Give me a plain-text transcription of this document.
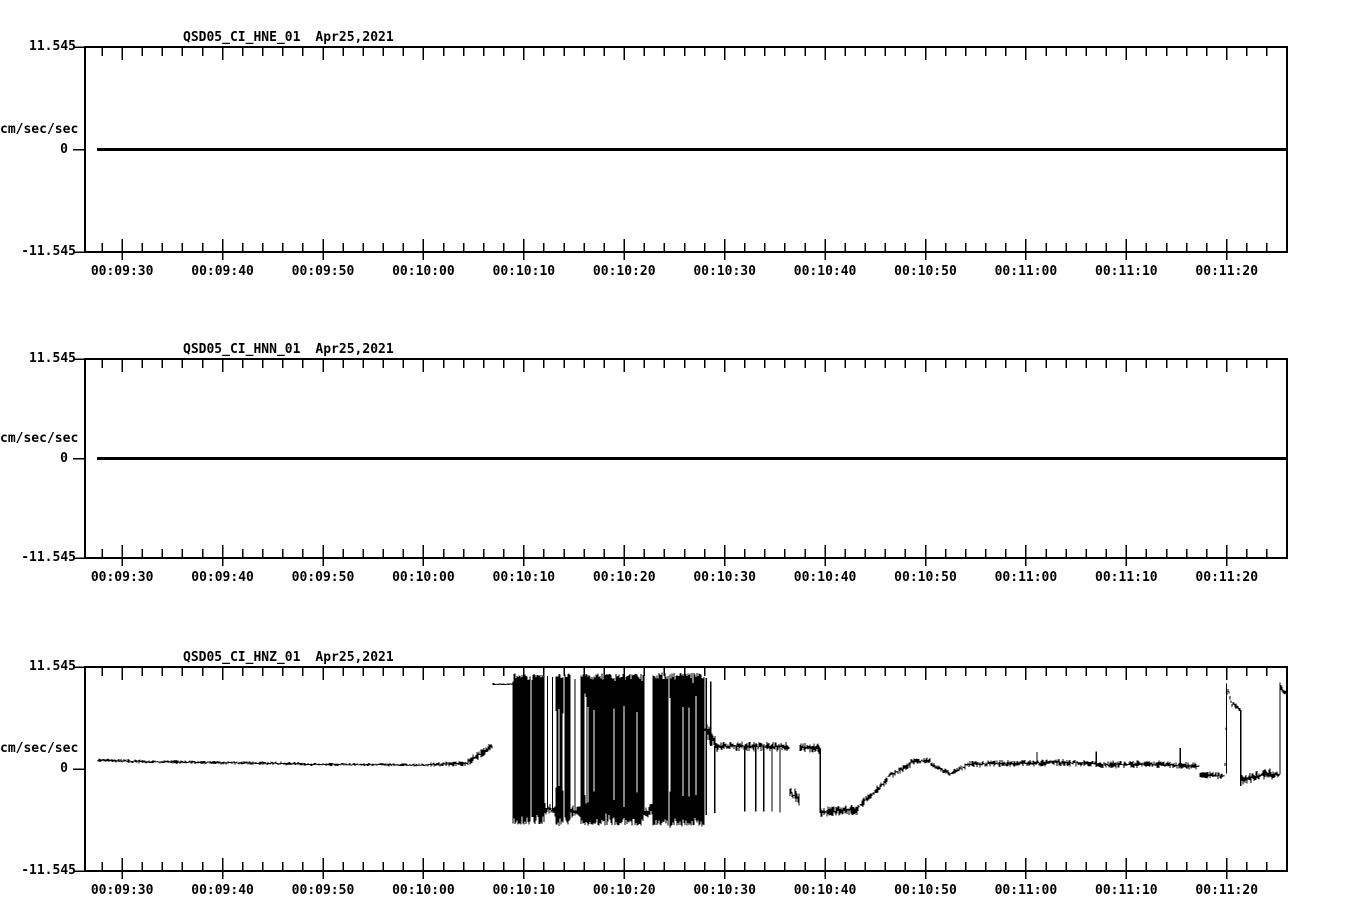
QSD05_CI_HNE_01 Apr25,2021
11.545
cm/sec/sec
0
-11.545
00:09:30	00:09:40	00:09:50	00:10:00	00:10:10	00:10:20	00:10:30	00:10:40	00:10:50	00:11:00	00:11:10	00:11:20
QSD05_CI_HNN_01 Apr25,2021
11.545
cm/sec/sec
0
-11.545
00:09:30	00:09:40	00:09:50	00:10:00	00:10:10	00:10:20	00:10:30	00:10:40	00:10:50	00:11:00	00:11:10	00:11:20
QSD05_CI_HNZ_01 Apr25,2021
11.545
cm/sec/sec
0
-11.545
00:09:30	00:09:40	00:09:50	00:10:00	00:10:10	00:10:20	00:10:30	00:10:40	00:10:50	00:11:00	00:11:10	00:11:20
